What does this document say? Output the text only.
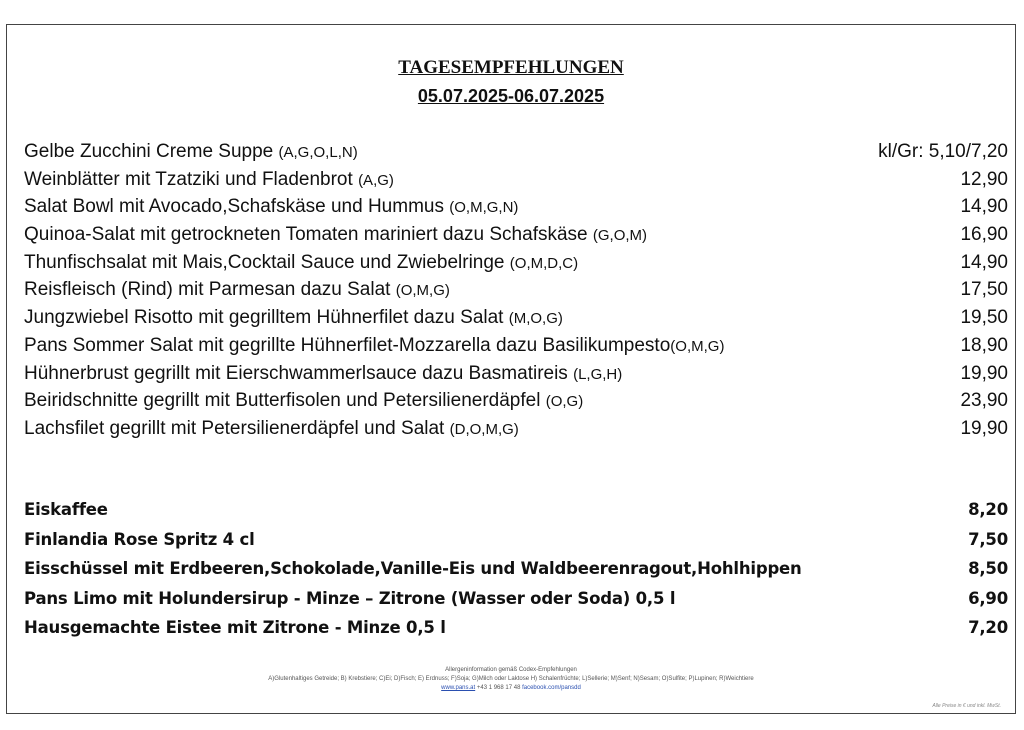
TAGESEMPFEHLUNGEN
05.07.2025-06.07.2025
Gelbe Zucchini Creme Suppe (A,G,O,L,N)	kl/Gr: 5,10/7,20
Weinblätter mit Tzatziki und Fladenbrot (A,G)	12,90
Salat Bowl mit Avocado,Schafskäse und Hummus (O,M,G,N)	14,90
Quinoa-Salat mit getrockneten Tomaten mariniert dazu Schafskäse (G,O,M)	16,90
Thunfischsalat mit Mais,Cocktail Sauce und Zwiebelringe (O,M,D,C)	14,90
Reisfleisch (Rind) mit Parmesan dazu Salat (O,M,G)	17,50
Jungzwiebel Risotto mit gegrilltem Hühnerfilet dazu Salat (M,O,G)	19,50
Pans Sommer Salat mit gegrillte Hühnerfilet-Mozzarella dazu Basilikumpesto(O,M,G)	18,90
Hühnerbrust gegrillt mit Eierschwammerlsauce dazu Basmatireis (L,G,H)	19,90
Beiridschnitte gegrillt mit Butterfisolen und Petersilienerdäpfel (O,G)	23,90
Lachsfilet gegrillt mit Petersilienerdäpfel und Salat (D,O,M,G)	19,90
Eiskaffee	8,20
Finlandia Rose Spritz 4 cl	7,50
Eisschüssel mit Erdbeeren,Schokolade,Vanille-Eis und Waldbeerenragout,Hohlhippen	8,50
Pans Limo mit Holundersirup - Minze – Zitrone (Wasser oder Soda) 0,5 l	6,90
Hausgemachte Eistee mit Zitrone - Minze 0,5 l	7,20
Allergeninformation gemäß Codex-Empfehlungen
A)Glutenhaltiges Getreide; B) Krebstiere; C)Ei; D)Fisch; E) Erdnuss; F)Soja; G)Milch oder Laktose H) Schalenfrüchte; L)Sellerie; M)Senf; N)Sesam; O)Sulfite; P)Lupinen; R)Weichtiere
www.pans.at +43 1 968 17 48 facebook.com/pansdd
Alle Preise in € und inkl. MwSt.
